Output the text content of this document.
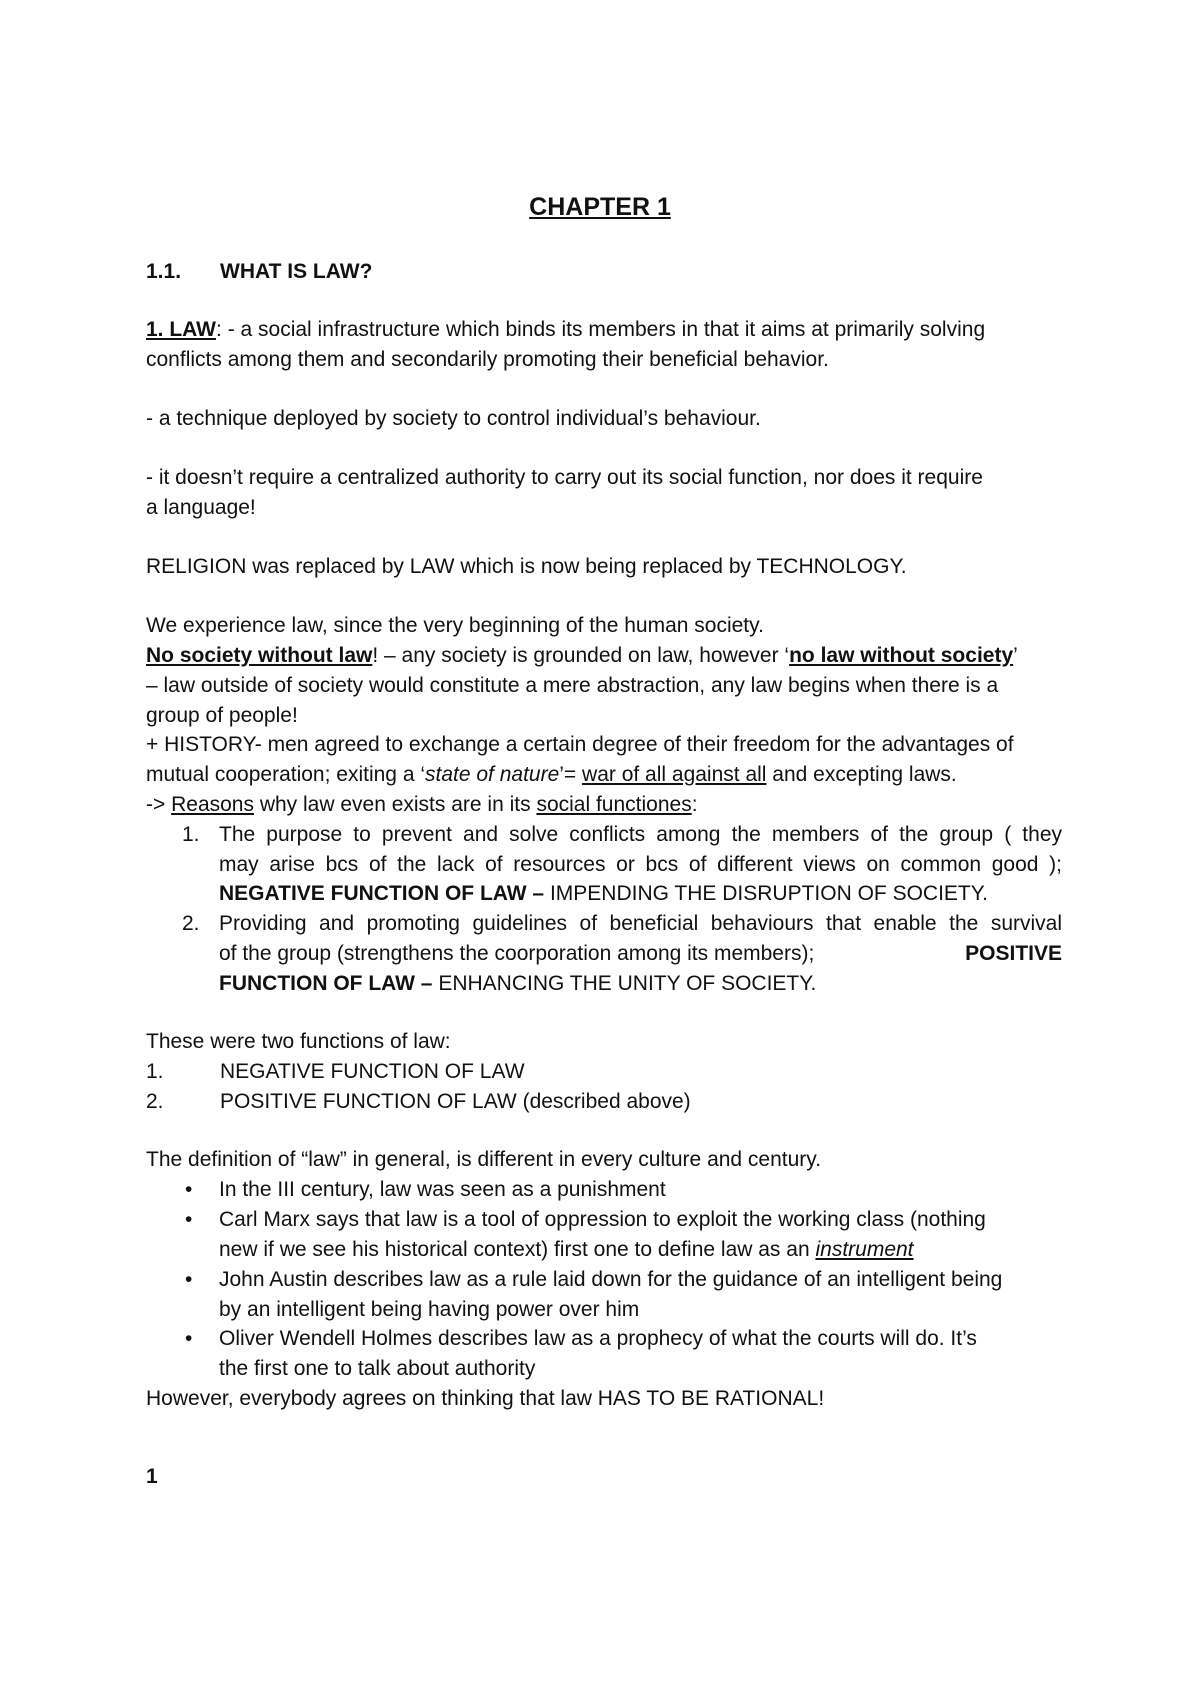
CHAPTER 1
1.1. WHAT IS LAW?
1. LAW: - a social infrastructure which binds its members in that it aims at primarily solving
conflicts among them and secondarily promoting their beneficial behavior.
- a technique deployed by society to control individual’s behaviour.
- it doesn’t require a centralized authority to carry out its social function, nor does it require
a language!
RELIGION was replaced by LAW which is now being replaced by TECHNOLOGY.
We experience law, since the very beginning of the human society.
No society without law! – any society is grounded on law, however ‘no law without society’
– law outside of society would constitute a mere abstraction, any law begins when there is a
group of people!
+ HISTORY- men agreed to exchange a certain degree of their freedom for the advantages of
mutual cooperation; exiting a ‘state of nature’= war of all against all and excepting laws.
-> Reasons why law even exists are in its social functiones:
1. The purpose to prevent and solve conflicts among the members of the group ( they
may arise bcs of the lack of resources or bcs of different views on common good );
NEGATIVE FUNCTION OF LAW – IMPENDING THE DISRUPTION OF SOCIETY.
2. Providing and promoting guidelines of beneficial behaviours that enable the survival
of the group (strengthens the coorporation among its members);	POSITIVE
FUNCTION OF LAW – ENHANCING THE UNITY OF SOCIETY.
These were two functions of law:
1.	NEGATIVE FUNCTION OF LAW
2.	POSITIVE FUNCTION OF LAW (described above)
The definition of “law” in general, is different in every culture and century.
• In the III century, law was seen as a punishment
• Carl Marx says that law is a tool of oppression to exploit the working class (nothing
new if we see his historical context) first one to define law as an instrument
• John Austin describes law as a rule laid down for the guidance of an intelligent being
by an intelligent being having power over him
• Oliver Wendell Holmes describes law as a prophecy of what the courts will do. It’s
the first one to talk about authority
However, everybody agrees on thinking that law HAS TO BE RATIONAL!
1
